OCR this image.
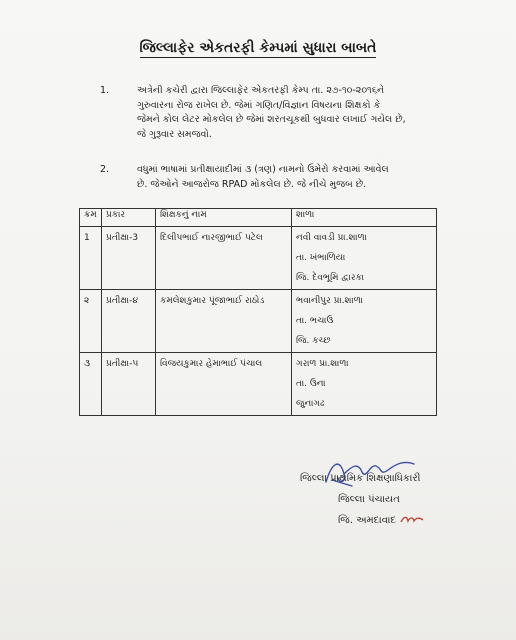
જિલ્લાફેર એકતરફી કેમ્પમાં સુધારા બાબતે
1.	અત્રેની કચેરી દ્વારા જિલ્લાફેર એકતરફી કેમ્પ તા. ૨૭-૧૦-૨૦૧૬ને
ગુરુવારના રોજ રાખેલ છે. જેમાં ગણિત/વિજ્ઞાન વિષયના શિક્ષકો કે
જેમને કોલ લેટર મોકલેલ છે જેમાં શરતચૂકથી બુધવાર લખાઈ ગયેલ છે,
જે ગુરૂવાર સમજવો.
2.	વધુમાં ભાષામાં પ્રતીક્ષાયાદીમાં ૩ (ત્રણ) નામનો ઉમેરો કરવામાં આવેલ
છે. જેઓને આજરોજ RPAD મોકલેલ છે. જે નીચે મુજબ છે.
ક્રમ	પ્રકાર	શિક્ષકનું નામ	શાળા
1	પ્રતીક્ષા-3	દિલીપભાઈ નારજીભાઈ પટેલ	નવી વાવડી પ્રા.શાળા
તા. ખંભાળિયા
જિ. દેવભૂમિ દ્વારકા

૨	પ્રતીક્ષા-૪	કમલેશકુમાર પૂંજાભાઈ રાઠોડ	ભવાનીપુર પ્રા.શાળા
તા. ભચાઉ
જિ. કચ્છ

૩	પ્રતીક્ષા-૫	વિજયકુમાર હેમાભાઈ પંચાલ	ગરાળ પ્રા.શાળા
તા. ઉના
જુનાગઢ
જિલ્લા પ્રાથમિક શિક્ષણાધિકારી
જિલ્લા પંચાયત
જિ. અમદાવાદ
